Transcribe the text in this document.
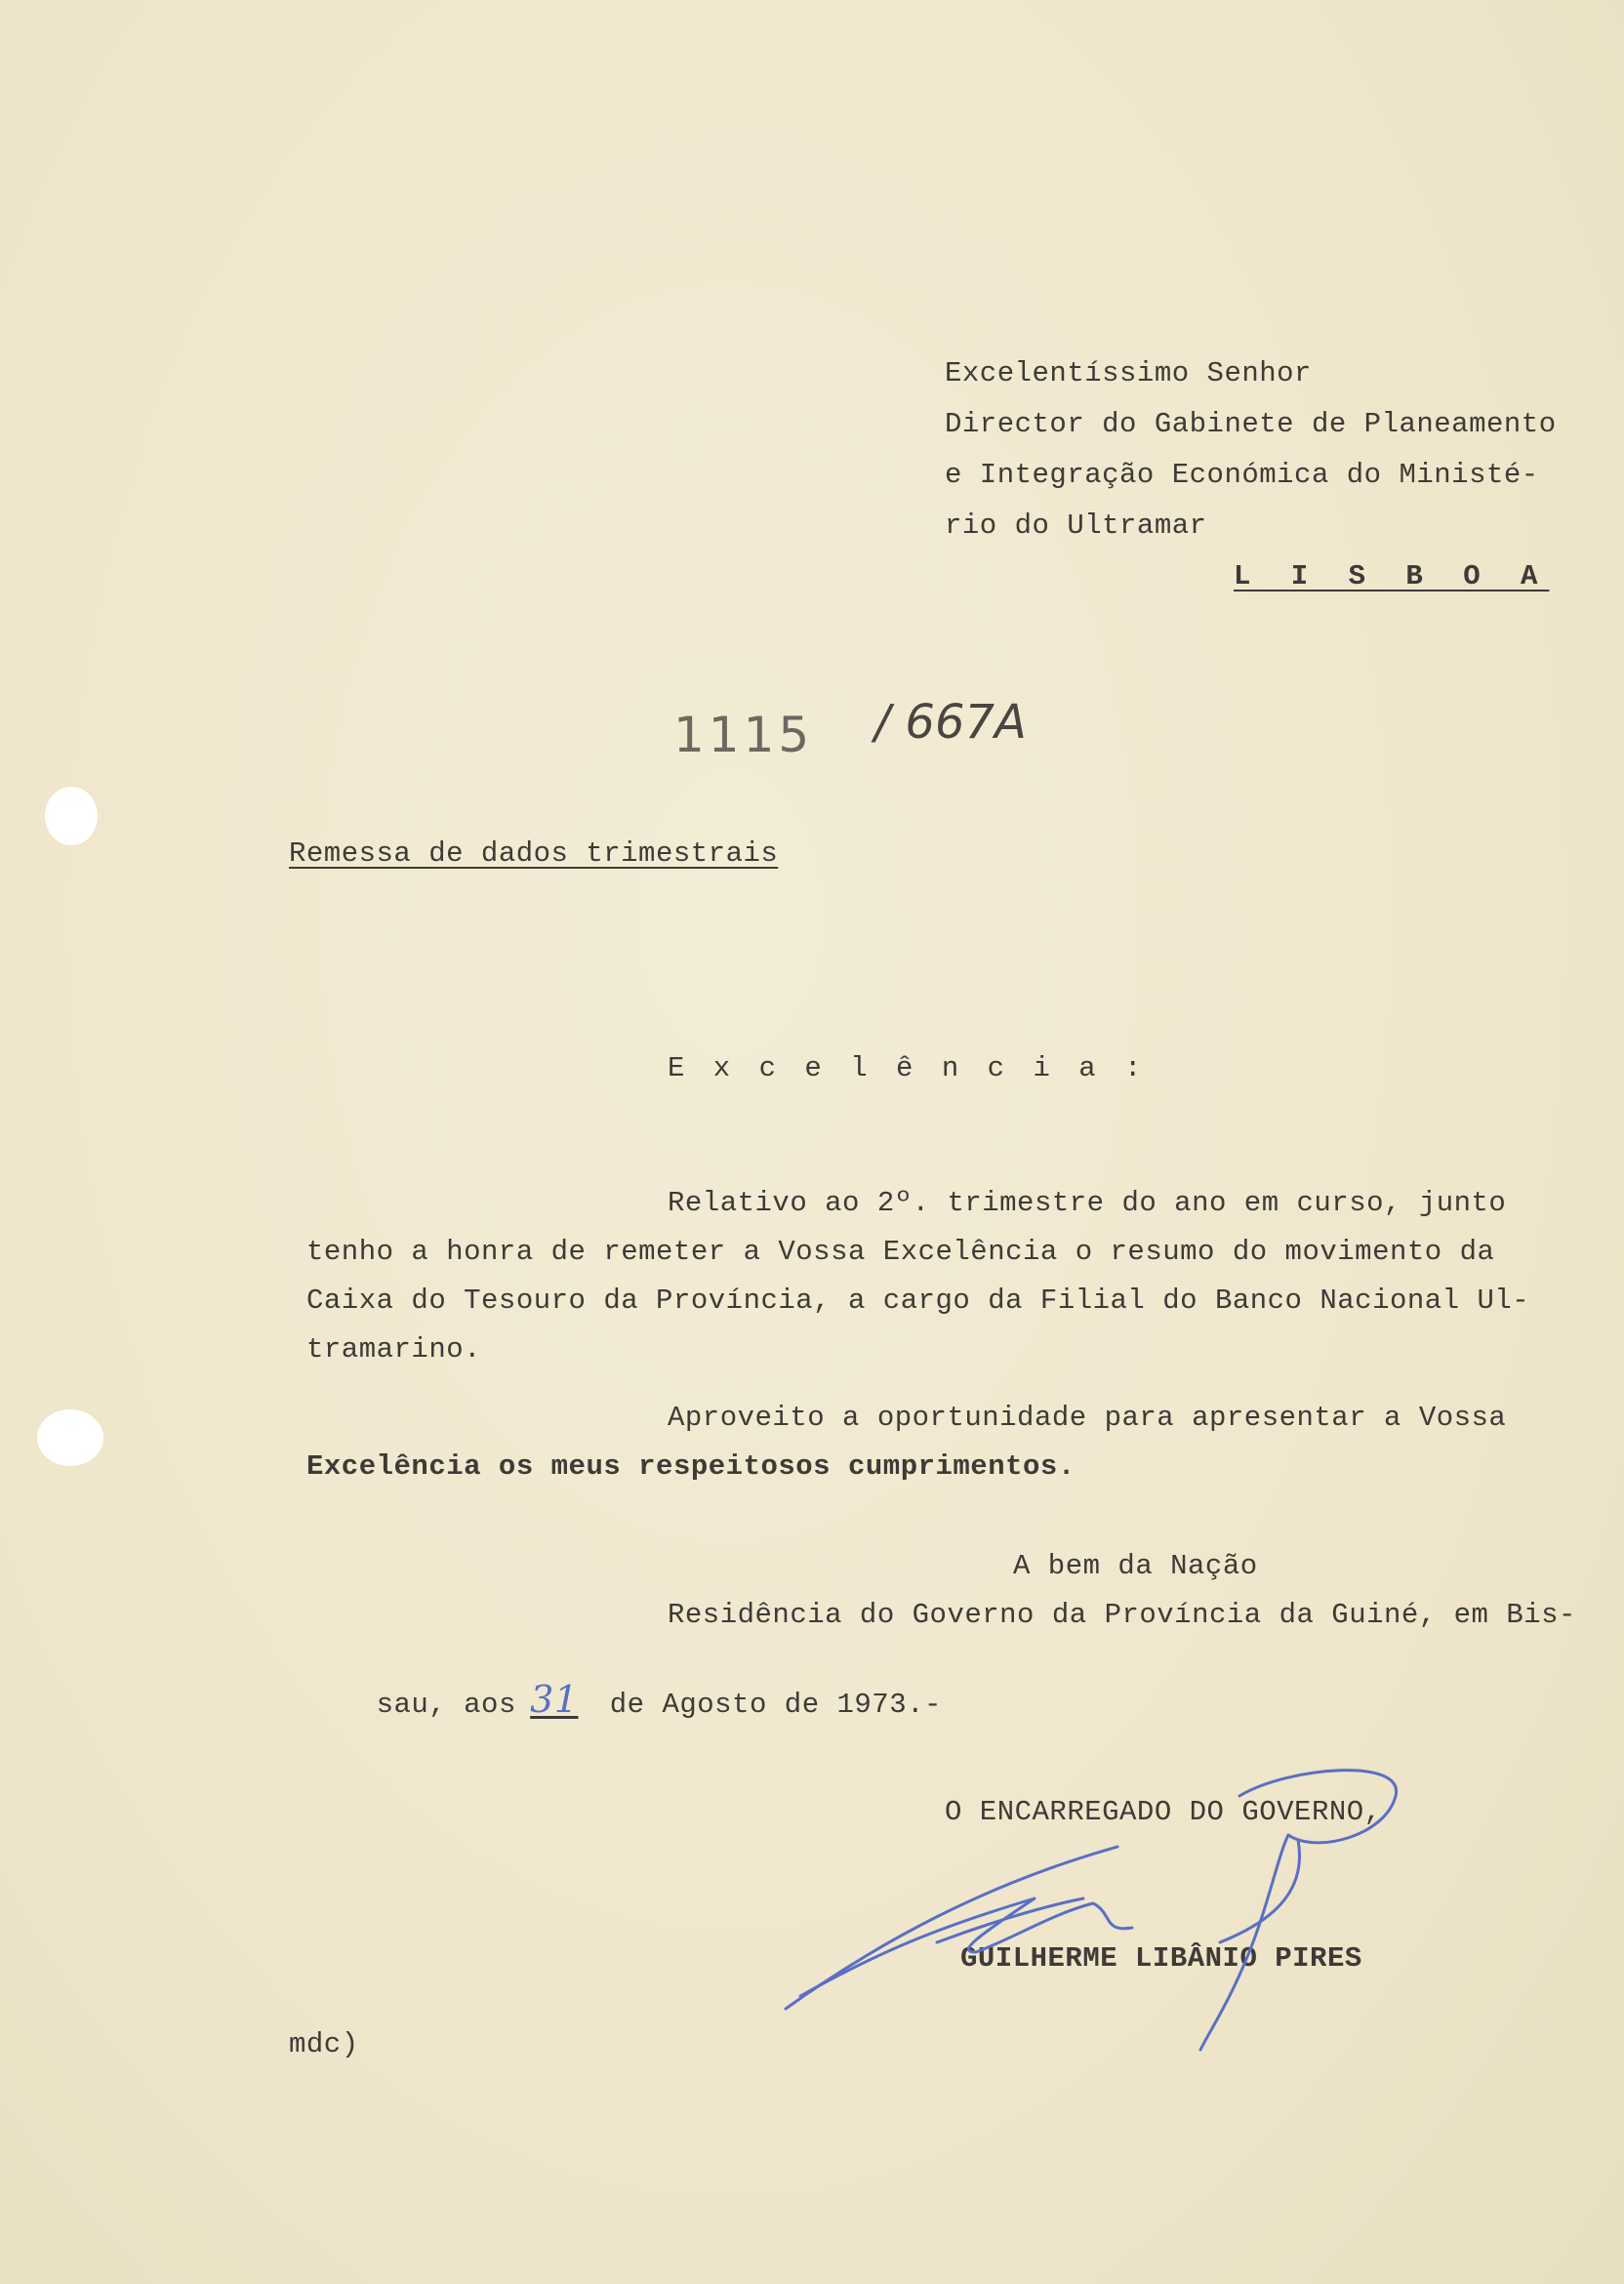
Excelentíssimo Senhor
Director do Gabinete de Planeamento
e Integração Económica do Ministé-
rio do Ultramar
L I S B O A
1115 / 667A
Remessa de dados trimestrais
E x c e l ê n c i a :
Relativo ao 2º. trimestre do ano em curso, junto
tenho a honra de remeter a Vossa Excelência o resumo do movimento da
Caixa do Tesouro da Província, a cargo da Filial do Banco Nacional Ul-
tramarino.
Aproveito a oportunidade para apresentar a Vossa
Excelência os meus respeitosos cumprimentos.
A bem da Nação
Residência do Governo da Província da Guiné, em Bis-

sau, aos 31 de Agosto de 1973.-

O ENCARREGADO DO GOVERNO,
GUILHERME LIBÂNIO PIRES
mdc)
